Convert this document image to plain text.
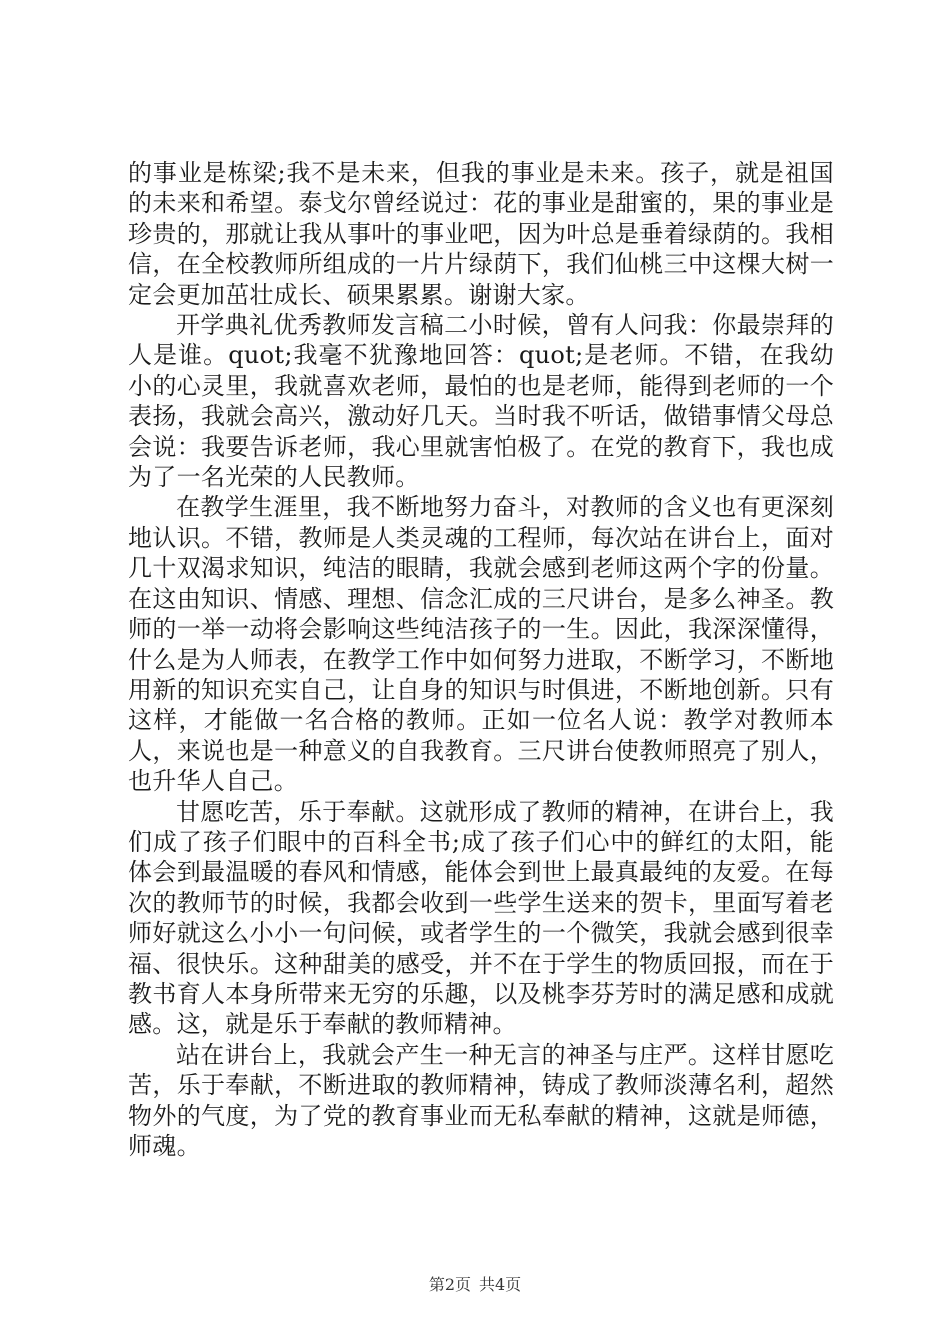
的事业是栋梁;我不是未来，但我的事业是未来。孩子，就是祖国的未来和希望。泰戈尔曾经说过：花的事业是甜蜜的，果的事业是珍贵的，那就让我从事叶的事业吧，因为叶总是垂着绿荫的。我相信，在全校教师所组成的一片片绿荫下，我们仙桃三中这棵大树一定会更加茁壮成长、硕果累累。谢谢大家。

开学典礼优秀教师发言稿二小时候，曾有人问我：你最崇拜的人是谁。quot;我毫不犹豫地回答：quot;是老师。不错，在我幼小的心灵里，我就喜欢老师，最怕的也是老师，能得到老师的一个表扬，我就会高兴，激动好几天。当时我不听话，做错事情父母总会说：我要告诉老师，我心里就害怕极了。在党的教育下，我也成为了一名光荣的人民教师。

在教学生涯里，我不断地努力奋斗，对教师的含义也有更深刻地认识。不错，教师是人类灵魂的工程师，每次站在讲台上，面对几十双渴求知识，纯洁的眼睛，我就会感到老师这两个字的份量。在这由知识、情感、理想、信念汇成的三尺讲台，是多么神圣。教师的一举一动将会影响这些纯洁孩子的一生。因此，我深深懂得，什么是为人师表，在教学工作中如何努力进取，不断学习，不断地用新的知识充实自己，让自身的知识与时俱进，不断地创新。只有这样，才能做一名合格的教师。正如一位名人说：教学对教师本人，来说也是一种意义的自我教育。三尺讲台使教师照亮了别人，也升华人自己。

甘愿吃苦，乐于奉献。这就形成了教师的精神，在讲台上，我们成了孩子们眼中的百科全书;成了孩子们心中的鲜红的太阳，能体会到最温暖的春风和情感，能体会到世上最真最纯的友爱。在每次的教师节的时候，我都会收到一些学生送来的贺卡，里面写着老师好就这么小小一句问候，或者学生的一个微笑，我就会感到很幸福、很快乐。这种甜美的感受，并不在于学生的物质回报，而在于教书育人本身所带来无穷的乐趣，以及桃李芬芳时的满足感和成就感。这，就是乐于奉献的教师精神。

站在讲台上，我就会产生一种无言的神圣与庄严。这样甘愿吃苦，乐于奉献，不断进取的教师精神，铸成了教师淡薄名利，超然物外的气度，为了党的教育事业而无私奉献的精神，这就是师德，师魂。

第2页 共4页
